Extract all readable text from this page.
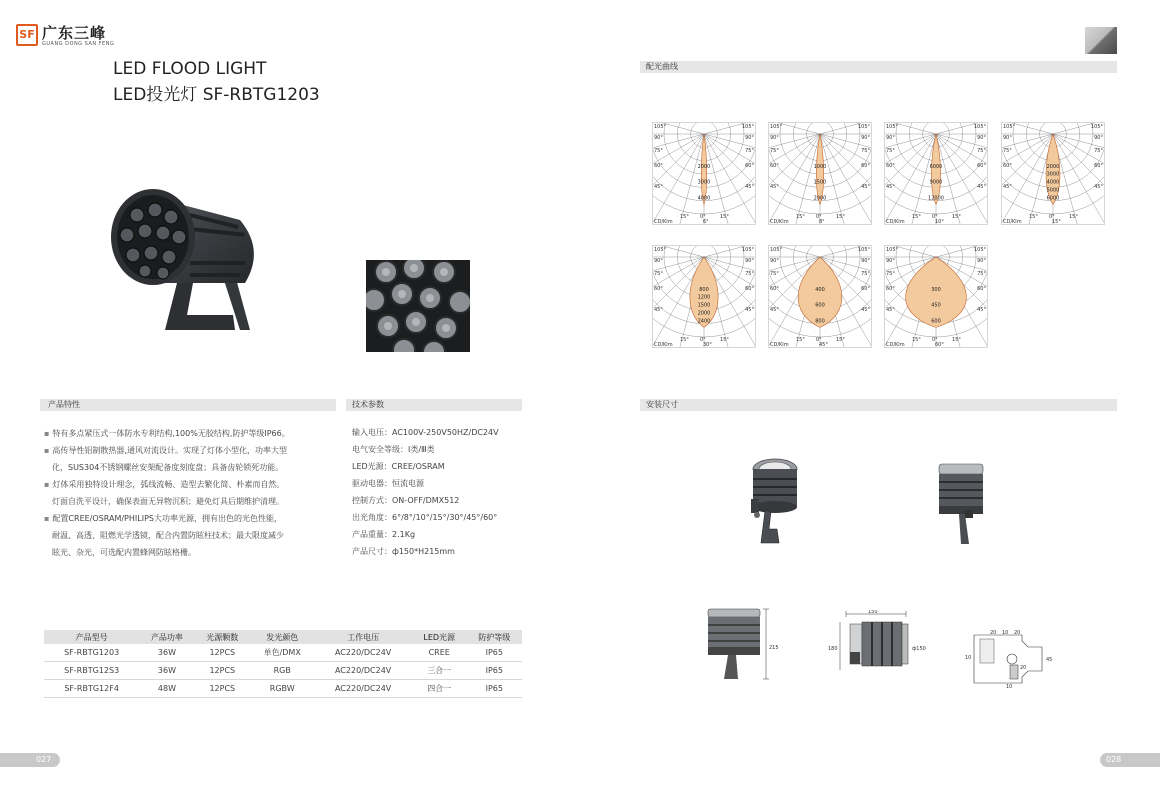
SF 广东三峰
GUANG DONG SAN FENG
LED FLOOD LIGHT
LED投光灯 SF-RBTG1203
产品特性	技术参数
▪ 特有多点紧压式一体防水专利结构,100%无胶结构,防护等级IP66。
▪ 高传导性铝制散热器,通风对流设计。实现了灯体小型化，功率大型
化，SUS304不锈钢螺丝安架配备度刻度盘；具备齿轮锁死功能。
▪ 灯体采用独特设计理念，弧线流畅、造型去繁化简、朴素而自然。
灯面自洗平设计，确保表面无异物沉积；避免灯具后期维护清理。
▪ 配置CREE/OSRAM/PHILIPS大功率光源，拥有出色的光色性能，
耐温、高透、阻燃光学透镜，配合内置防眩柱技术；最大限度减少
眩光、杂光，可选配内置蜂网防眩格栅。
输入电压：AC100V-250V50HZ/DC24V
电气安全等级：Ⅰ类/Ⅲ类
LED光源：CREE/OSRAM
驱动电器：恒流电源
控制方式：ON-OFF/DMX512
出光角度：6°/8°/10°/15°/30°/45°/60°
产品重量：2.1Kg
产品尺寸：ф150*H215mm
产品型号	产品功率	光源颗数	发光颜色	工作电压	LED光源	防护等级
SF-RBTG1203	36W	12PCS	单色/DMX	AC220/DC24V	CREE	IP65
SF-RBTG12S3	36W	12PCS	RGB	AC220/DC24V	三合一	IP65
SF-RBTG12F4	48W	12PCS	RGBW	AC220/DC24V	四合一	IP65
027
配光曲线
105°	105°
90°	90°
75°	75°
60°	60°
45°	45°
15° 0°	15°
CD/Klm	6°
2000
3000
4000
105°	105°
90°	90°
75°	75°
60°	60°
45°	45°
15° 0°	15°
CD/Klm	8°
1000
1500
2000
105°	105°
90°	90°
75°	75°
60°	60°
45°	45°
15° 0°	15°
CD/Klm	10°
6000
9000
12000
105°	105°
90°	90°
75°	75°
60°	60°
45°	45°
15° 0°	15°
CD/Klm	15°
2000
3000
4000
5000
6000
105°	105°
90°	90°
75°	75°
60°	60°
45°	45°
15° 0°	15°
CD/Klm	30°
800
1200
1500
2000
2400
105°	105°
90°	90°
75°	75°
60°	60°
45°	45°
15° 0°	15°
CD/Klm	45°
400
600
800
105°	105°
90°	90°
75°	75°
60°	60°
45°	45°
15° 0°	15°
CD/Klm	60°
300
450
600
安装尺寸
215
150
180	ф150
20 10 20
10
20
45
10
028
